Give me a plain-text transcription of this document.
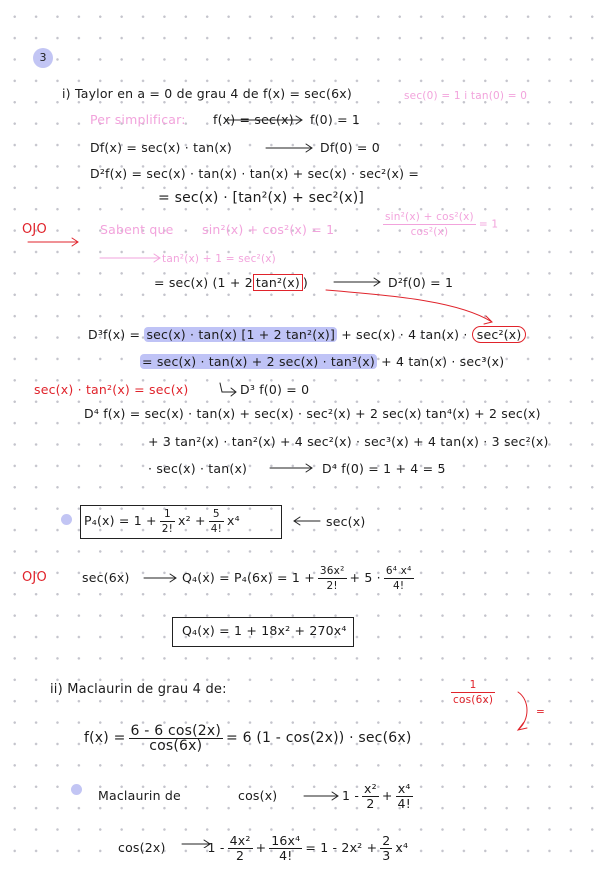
3
i) Taylor en a = 0 de grau 4 de f(x) = sec(6x)	sec(0) = 1 i tan(0) = 0
Per simplificar: f(x) = sec(x) f(0) = 1
Df(x) = sec(x) · tan(x)	Df(0) = 0
D²f(x) = sec(x) · tan(x) · tan(x) + sec(x) · sec²(x) =
= sec(x) · [tan²(x) + sec²(x)]
OJO	Sabent que sin²(x) + cos²(x) = 1	$\frac{\text{sin²(x) + cos²(x)}}{\text{cos²(x)}} = 1$
tan²(x) + 1 = sec²(x)
= sec(x) (1 + 2 tan²(x) )	D²f(0) = 1
D³f(x) = sec(x) · tan(x) [1 + 2 tan²(x)] + sec(x) · 4 tan(x) · sec²(x)
= sec(x) · tan(x) + 2 sec(x) · tan³(x) + 4 tan(x) · sec³(x)
sec(x) · tan²(x) = sec(x)	D³ f(0) = 0
D⁴ f(x) = sec(x) · tan(x) + sec(x) · sec²(x) + 2 sec(x) tan⁴(x) + 2 sec(x)
+ 3 tan²(x) · tan²(x) + 4 sec²(x) · sec³(x) + 4 tan(x) · 3 sec²(x)
· sec(x) · tan(x)	D⁴ f(0) = 1 + 4 = 5
$P_4(x) = 1 + \frac{1}{2!} x^2 + \frac{5}{4!} x^4$	sec(x)
OJO	sec(6x)	$Q_4(x) = P_4(6x) = 1 + \frac{\text{36x²}}{2!} + 5 \cdot \frac{\text{6⁴ x⁴}}{4!}$
Q₄(x) = 1 + 18x² + 270x⁴
ii) Maclaurin de grau 4 de:	$\frac{1}{\cos(6x)}$
=
$f(x) = \frac{6 - 6 \cos(2x)}{\cos(6x)} = 6$ (1 - cos(2x)) · sec(6x)
Maclaurin de	cos(x)	$1 - \frac{\text{x²}}{2} + \frac{\text{x⁴}}{4!}$
cos(2x)	$1 - \frac{\text{4x²}}{2} + \frac{\text{16x⁴}}{4!} = 1 - 2x^2 + \frac{2}{3} x^4$
